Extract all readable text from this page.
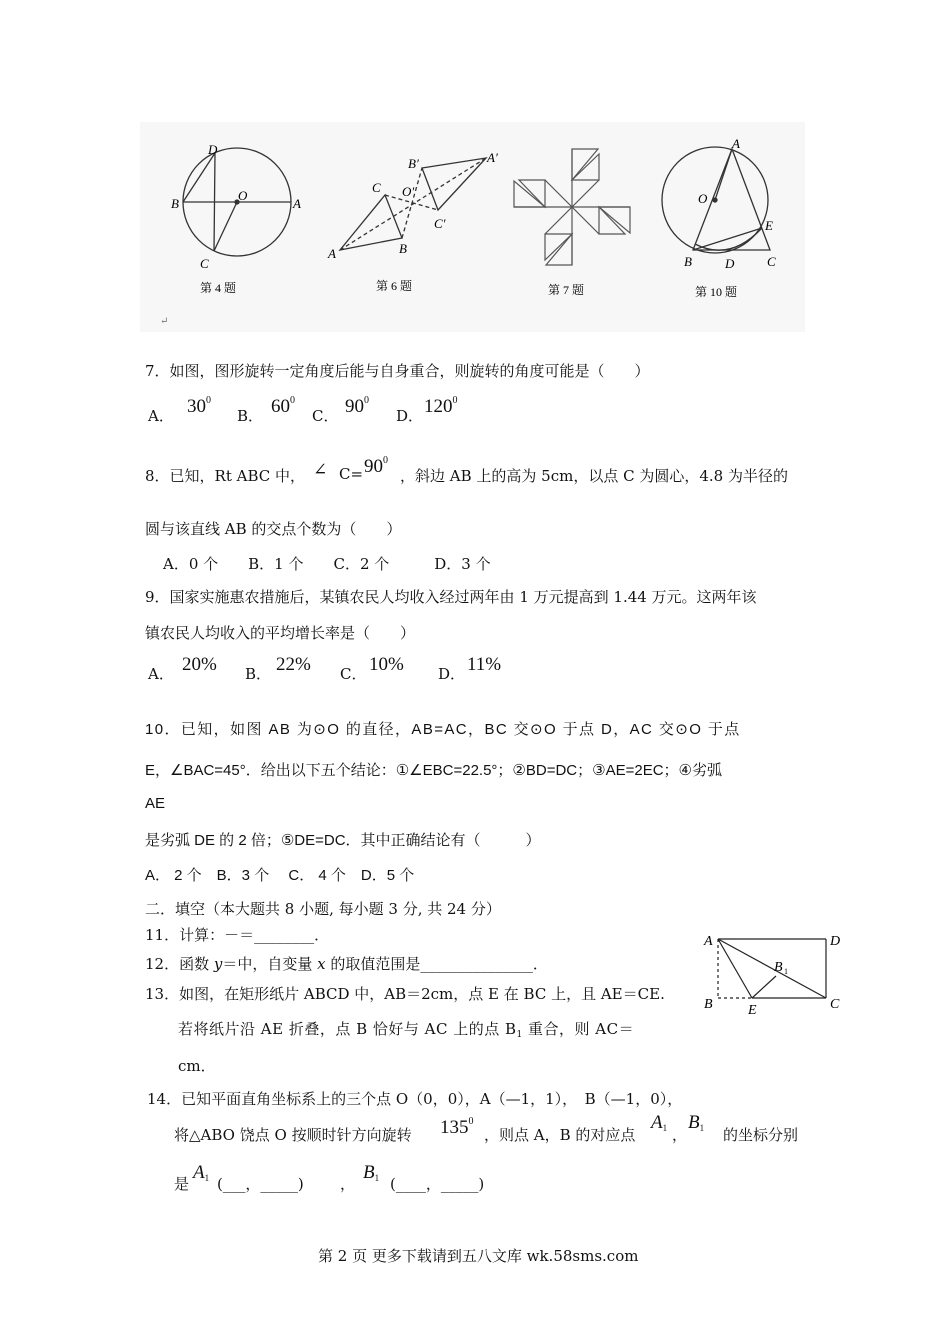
D
B
O
A
C
第 4 题
B′	A′
C O′
C′
A	B
第 6 题	第 7 题
A
O
E
B	D	C
第 10 题
↵
7．如图，图形旋转一定角度后能与自身重合，则旋转的角度可能是（　　）
A． $30^0$
B． $60^0$
C． $90^0$
D． $120^0$
8．已知，Rt ABC 中， ∠ $C= 90^0$
，斜边 AB 上的高为 5cm，以点 C 为圆心，4.8 为半径的
圆与该直线 AB 的交点个数为（　　）
A．0 个　　B．1 个　　C．2 个　　　D．3 个
9．国家实施惠农措施后，某镇农民人均收入经过两年由 1 万元提高到 1.44 万元。这两年该
镇农民人均收入的平均增长率是（　　）
A． 20% B． 22% C． 10% D． 11%
10．已知，如图 AB 为⊙O 的直径，AB=AC，BC 交⊙O 于点 D，AC 交⊙O 于点
E，∠BAC=45°．给出以下五个结论：①∠EBC=22.5°；②BD=DC；③AE=2EC；④劣弧
AE
是劣弧 DE 的 2 倍；⑤DE=DC．其中正确结论有（　　　）
A． 2 个　B．3 个　 C． 4 个　D．5 个
二．填空（本大题共 8 小题, 每小题 3 分, 共 24 分）
11．计算：－＝________．
12．函数 y＝中，自变量 x 的取值范围是_______________．
13．如图，在矩形纸片 ABCD 中，AB＝2cm，点 E 在 BC 上，且 AE＝CE.
若将纸片沿 AE 折叠，点 B 恰好与 AC 上的点 $B_1$ 重合，则 AC＝
cm．
A	D
B 1
B	E	C
14．已知平面直角坐标系上的三个点 O（0，0），A（—1，1），　B（—1，0），
将△ABO 饶点 O 按顺时针方向旋转 $135^0$
，则点 A，B 的对应点
$A_1$ ，
$B_1$ 的坐标分别
是
$A_1$ (___，_____) ，
$B_1$ (____，_____)
第 2 页 更多下载请到五八文库 wk.58sms.com
